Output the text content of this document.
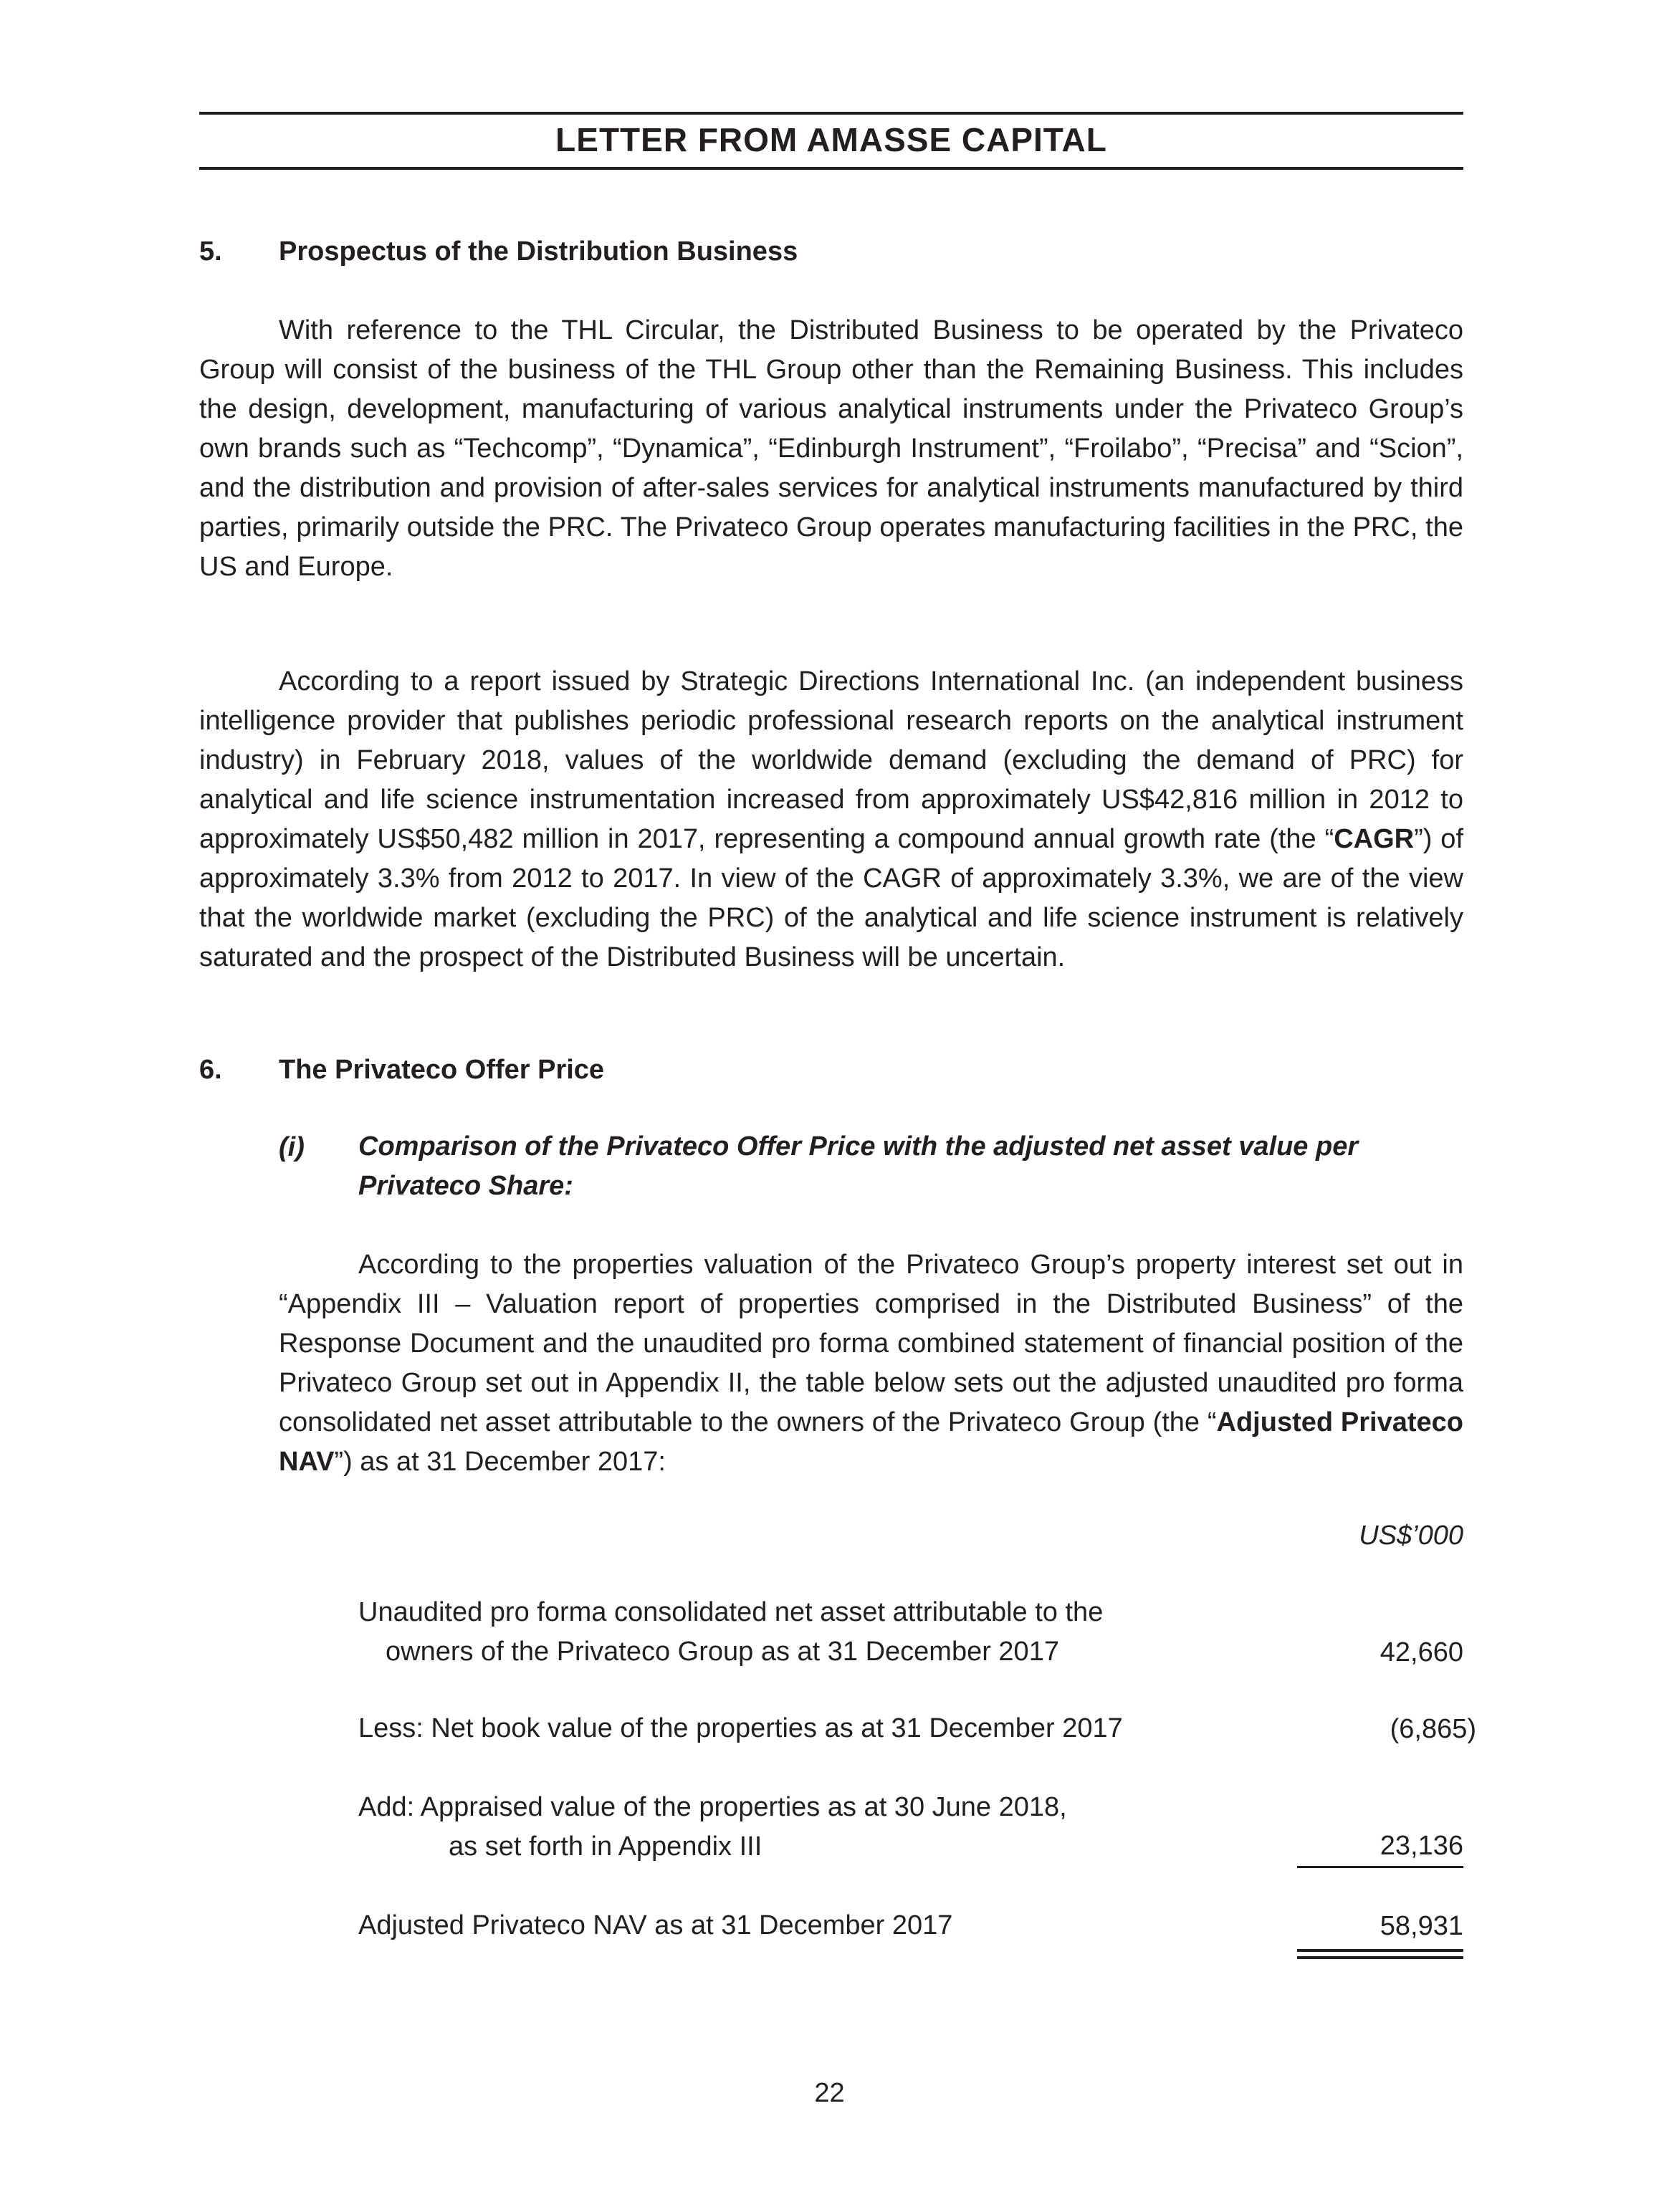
LETTER FROM AMASSE CAPITAL
5. Prospectus of the Distribution Business
With reference to the THL Circular, the Distributed Business to be operated by the Privateco Group will consist of the business of the THL Group other than the Remaining Business. This includes the design, development, manufacturing of various analytical instruments under the Privateco Group’s own brands such as “Techcomp”, “Dynamica”, “Edinburgh Instrument”, “Froilabo”, “Precisa” and “Scion”, and the distribution and provision of after-sales services for analytical instruments manufactured by third parties, primarily outside the PRC. The Privateco Group operates manufacturing facilities in the PRC, the US and Europe.
According to a report issued by Strategic Directions International Inc. (an independent business intelligence provider that publishes periodic professional research reports on the analytical instrument industry) in February 2018, values of the worldwide demand (excluding the demand of PRC) for analytical and life science instrumentation increased from approximately US$42,816 million in 2012 to approximately US$50,482 million in 2017, representing a compound annual growth rate (the “CAGR”) of approximately 3.3% from 2012 to 2017. In view of the CAGR of approximately 3.3%, we are of the view that the worldwide market (excluding the PRC) of the analytical and life science instrument is relatively saturated and the prospect of the Distributed Business will be uncertain.
6. The Privateco Offer Price
(i) Comparison of the Privateco Offer Price with the adjusted net asset value per
Privateco Share:
According to the properties valuation of the Privateco Group’s property interest set out in “Appendix III – Valuation report of properties comprised in the Distributed Business” of the Response Document and the unaudited pro forma combined statement of financial position of the Privateco Group set out in Appendix II, the table below sets out the adjusted unaudited pro forma consolidated net asset attributable to the owners of the Privateco Group (the “Adjusted Privateco NAV”) as at 31 December 2017:
US$’000
Unaudited pro forma consolidated net asset attributable to the
owners of the Privateco Group as at 31 December 2017	42,660
Less: Net book value of the properties as at 31 December 2017	(6,865)
Add: Appraised value of the properties as at 30 June 2018,
as set forth in Appendix III	23,136
Adjusted Privateco NAV as at 31 December 2017	58,931
22
